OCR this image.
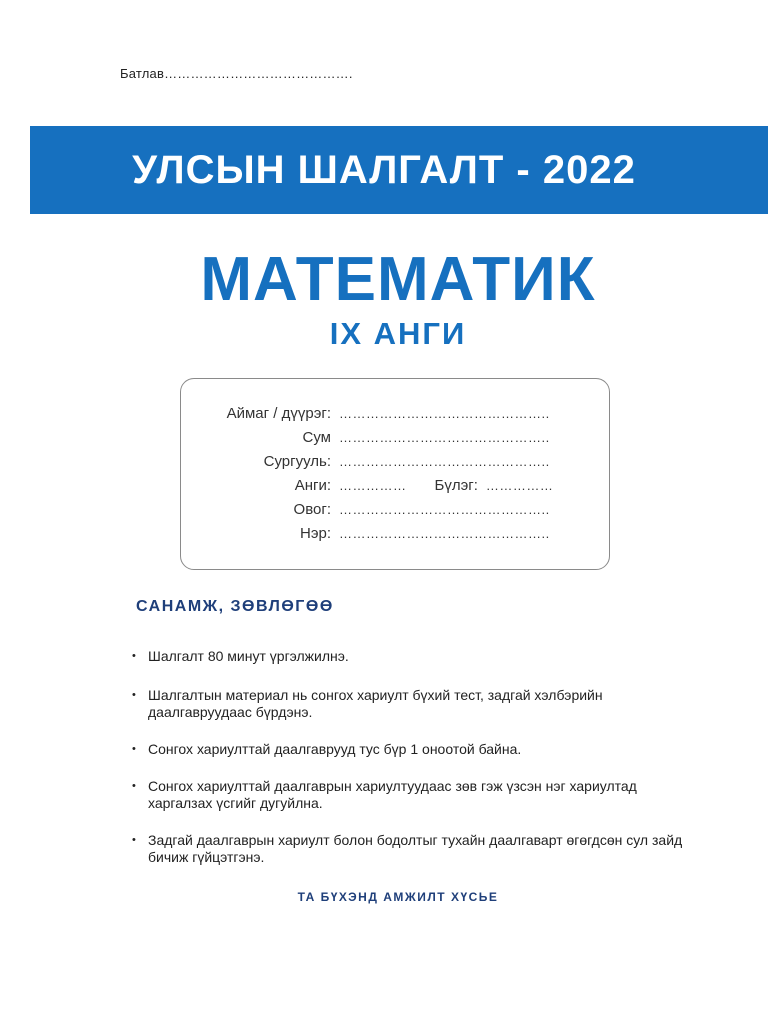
Батлав…………………………………….
УЛСЫН ШАЛГАЛТ - 2022
МАТЕМАТИК
IX АНГИ
Аймаг / дүүрэг: ………………………………………..
Сум ………………………………………..
Сургууль: ………………………………………..
Анги: …………… Бүлэг: ……………
Овог: ………………………………………..
Нэр: ………………………………………..
САНАМЖ, ЗӨВЛӨГӨӨ
• Шалгалт 80 минут үргэлжилнэ.
• Шалгалтын материал нь сонгох хариулт бүхий тест, задгай хэлбэрийн даалгавруудаас бүрдэнэ.
• Сонгох хариулттай даалгаврууд тус бүр 1 оноотой байна.
• Сонгох хариулттай даалгаврын хариултуудаас зөв гэж үзсэн нэг хариултад харгалзах үсгийг дугуйлна.
• Задгай даалгаврын хариулт болон бодолтыг тухайн даалгаварт өгөгдсөн сул зайд бичиж гүйцэтгэнэ.
ТА БҮХЭНД АМЖИЛТ ХҮСЬЕ
